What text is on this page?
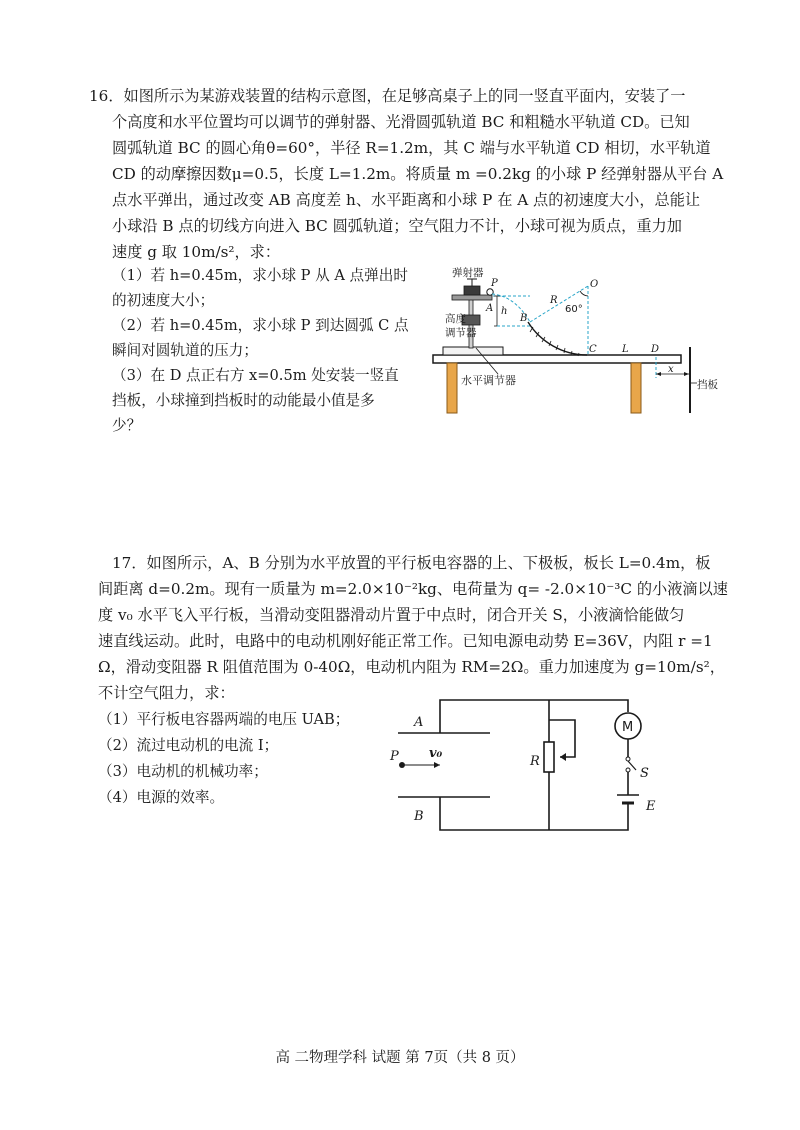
16．如图所示为某游戏装置的结构示意图，在足够高桌子上的同一竖直平面内，安装了一
个高度和水平位置均可以调节的弹射器、光滑圆弧轨道 BC 和粗糙水平轨道 CD。已知
圆弧轨道 BC 的圆心角θ=60°，半径 R=1.2m，其 C 端与水平轨道 CD 相切，水平轨道
CD 的动摩擦因数μ=0.5，长度 L=1.2m。将质量 m =0.2kg 的小球 P 经弹射器从平台 A
点水平弹出，通过改变 AB 高度差 h、水平距离和小球 P 在 A 点的初速度大小，总能让
小球沿 B 点的切线方向进入 BC 圆弧轨道；空气阻力不计，小球可视为质点，重力加
速度 g 取 10m/s²，求：
（1）若 h=0.45m，求小球 P 从 A 点弹出时
的初速度大小；
（2）若 h=0.45m，求小球 P 到达圆弧 C 点
瞬间对圆轨道的压力；
（3）在 D 点正右方 x=0.5m 处安装一竖直
挡板，小球撞到挡板时的动能最小值是多
少？
水平调节器
高度
调节器
弹射器
P
A h
B
C
R
O
60°
L D
x
挡板
17．如图所示，A、B 分别为水平放置的平行板电容器的上、下极板，板长 L=0.4m，板
间距离 d=0.2m。现有一质量为 m=2.0×10⁻²kg、电荷量为 q= -2.0×10⁻³C 的小液滴以速
度 v₀ 水平飞入平行板，当滑动变阻器滑动片置于中点时，闭合开关 S，小液滴恰能做匀
速直线运动。此时，电路中的电动机刚好能正常工作。已知电源电动势 E=36V，内阻 r =1
Ω，滑动变阻器 R 阻值范围为 0-40Ω，电动机内阻为 RM=2Ω。重力加速度为 g=10m/s²，
不计空气阻力，求：
（1）平行板电容器两端的电压 UAB；
（2）流过电动机的电流 I；
（3）电动机的机械功率；
（4）电源的效率。
M
S
E
A
B
R
P v₀
高 二物理学科 试题 第 7页（共 8 页）
